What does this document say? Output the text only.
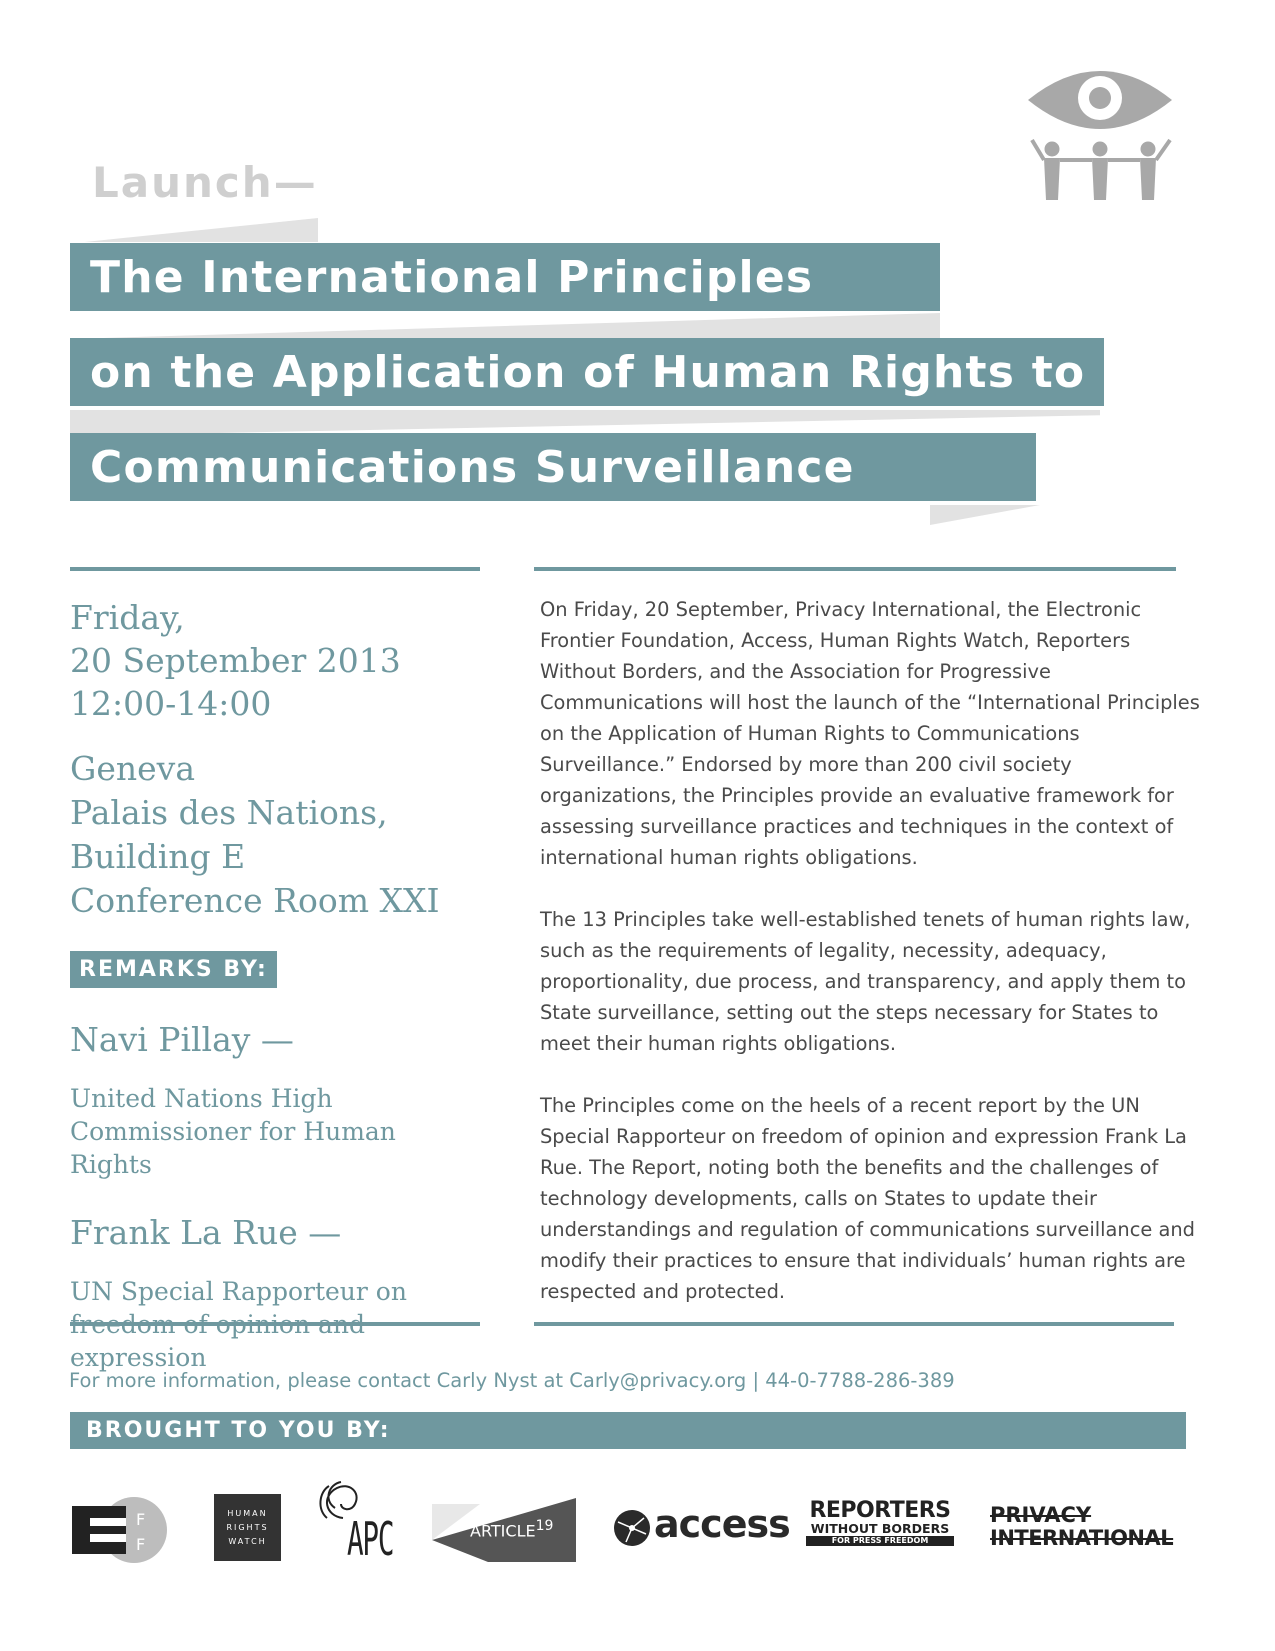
Launch—
The International Principles
on the Application of Human Rights to
Communications Surveillance
Friday,
20 September 2013
12:00-14:00
Geneva
Palais des Nations,
Building E
Conference Room XXI
REMARKS BY:
Navi Pillay —
United Nations High Commissioner for Human Rights
Frank La Rue —
UN Special Rapporteur on freedom of opinion and expression

On Friday, 20 September, Privacy International, the Electronic Frontier Foundation, Access, Human Rights Watch, Reporters Without Borders, and the Association for Progressive Communications will host the launch of the “International Principles on the Application of Human Rights to Communications Surveillance.” Endorsed by more than 200 civil society organizations, the Principles provide an evaluative framework for assessing surveillance practices and techniques in the context of international human rights obligations.

The 13 Principles take well-established tenets of human rights law, such as the requirements of legality, necessity, adequacy, proportionality, due process, and transparency, and apply them to State surveillance, setting out the steps necessary for States to meet their human rights obligations.

The Principles come on the heels of a recent report by the UN Special Rapporteur on freedom of opinion and expression Frank La Rue. The Report, noting both the benefits and the challenges of technology developments, calls on States to update their understandings and regulation of communications surveillance and modify their practices to ensure that individuals’ human rights are respected and protected.

For more information, please contact Carly Nyst at Carly@privacy.org | 44-0-7788-286-389
BROUGHT TO YOU BY:
F
F
HUMAN
RIGHTS
WATCH	APC	ARTICLE$^{19}$	access REPORTERS
WITHOUT BORDERS
FOR PRESS FREEDOM
PRIVACY
INTERNATIONAL
